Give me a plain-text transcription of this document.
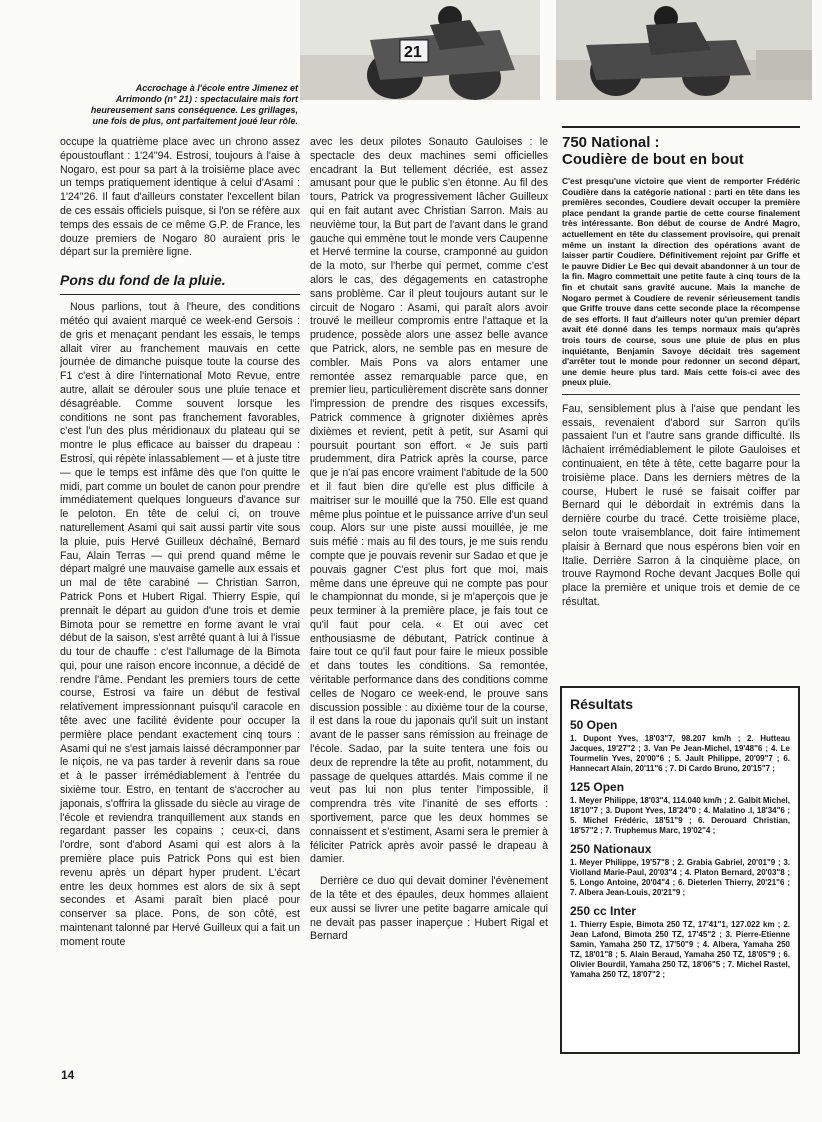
21
Accrochage à l'école entre Jimenez et Arrimondo (n° 21) : spectaculaire mais fort heureusement sans conséquence. Les grillages, une fois de plus, ont parfaitement joué leur rôle.

occupe la quatrième place avec un chrono assez époustouflant : 1'24"94. Estrosi, toujours à l'aise à Nogaro, est pour sa part à la troisième place avec un temps pratiquement identique à celui d'Asami : 1'24"26. Il faut d'ailleurs constater l'excellent bilan de ces essais officiels puisque, si l'on se réfère aux temps des essais de ce même G.P. de France, les douze premiers de Nogaro 80 auraient pris le départ sur la première ligne.

Pons du fond de la pluie.

Nous parlions, tout à l'heure, des conditions météo qui avaient marqué ce week-end Gersois : de gris et menaçant pendant les essais, le temps allait virer au franchement mauvais en cette journée de dimanche puisque toute la course des F1 c'est à dire l'international Moto Revue, entre autre, allait se dérouler sous une pluie tenace et désagréable. Comme souvent lorsque les conditions ne sont pas franchement favorables, c'est l'un des plus méridionaux du plateau qui se montre le plus efficace au baisser du drapeau : Estrosi, qui répète inlassablement — et à juste titre — que le temps est infâme dès que l'on quitte le midi, part comme un boulet de canon pour prendre immédiatement quelques longueurs d'avance sur le peloton. En tête de celui ci, on trouve naturellement Asami qui sait aussi partir vite sous la pluie, puis Hervé Guilleux déchaîné, Bernard Fau, Alain Terras — qui prend quand même le départ malgré une mauvaise gamelle aux essais et un mal de tête carabiné — Christian Sarron, Patrick Pons et Hubert Rigal. Thierry Espie, qui prennait le départ au guidon d'une trois et demie Bimota pour se remettre en forme avant le vrai début de la saison, s'est arrêté quant à lui à l'issue du tour de chauffe : c'est l'allumage de la Bimota qui, pour une raison encore inconnue, a décidé de rendre l'âme. Pendant les premiers tours de cette course, Estrosi va faire un début de festival relativement impressionnant puisqu'il caracole en tête avec une facilité évidente pour occuper la permière place pendant exactement cinq tours : Asami qui ne s'est jamais laissé décramponner par le niçois, ne va pas tarder à revenir dans sa roue et à le passer irrémédiablement à l'entrée du sixième tour. Estro, en tentant de s'accrocher au japonais, s'offrira la glissade du siècle au virage de l'école et reviendra tranquillement aux stands en regardant passer les copains ; ceux-ci, dans l'ordre, sont d'abord Asami qui est alors à la première place puis Patrick Pons qui est bien revenu après un départ hyper prudent. L'écart entre les deux hommes est alors de six à sept secondes et Asami paraît bien placé pour conserver sa place. Pons, de son côté, est maintenant talonné par Hervé Guilleux qui a fait un moment route

avec les deux pilotes Sonauto Gauloises : le spectacle des deux machines semi officielles encadrant la But tellement décriée, est assez amusant pour que le public s'en étonne. Au fil des tours, Patrick va progressivement lâcher Guilleux qui en fait autant avec Christian Sarron. Mais au neuvième tour, la But part de l'avant dans le grand gauche qui emmène tout le monde vers Caupenne et Hervé termine la course, cramponné au guidon de la moto, sur l'herbe qui permet, comme c'est alors le cas, des dégagements en catastrophe sans problème. Car il pleut toujours autant sur le circuit de Nogaro : Asami, qui paraît alors avoir trouvé le meilleur compromis entre l'attaque et la prudence, possède alors une assez belle avance que Patrick, alors, ne semble pas en mesure de combler. Mais Pons va alors entamer une remontée assez remarquable parce que, en premier lieu, particulièrement discrète sans donner l'impression de prendre des risques excessifs, Patrick commence à grignoter dixièmes après dixièmes et revient, petit à petit, sur Asami qui poursuit pourtant son effort. « Je suis parti prudemment, dira Patrick après la course, parce que je n'ai pas encore vraiment l'abitude de la 500 et il faut bien dire qu'elle est plus difficile à maitriser sur le mouillé que la 750. Elle est quand même plus pointue et le puissance arrive d'un seul coup. Alors sur une piste aussi mouillée, je me suis méfié : mais au fil des tours, je me suis rendu compte que je pouvais revenir sur Sadao et que je pouvais gagner C'est plus fort que moi, mais même dans une épreuve qui ne compte pas pour le championnat du monde, si je m'aperçois que je peux terminer à la première place, je fais tout ce qu'il faut pour cela. « Et oui avec cet enthousiasme de débutant, Patrick continue à faire tout ce qu'il faut pour faire le mieux possible et dans toutes les conditions. Sa remontée, véritable performance dans des conditions comme celles de Nogaro ce week-end, le prouve sans discussion possible : au dixième tour de la course, il est dans la roue du japonais qu'il suit un instant avant de le passer sans rémission au freinage de l'école. Sadao, par la suite tentera une fois ou deux de reprendre la tête au profit, notamment, du passage de quelques attardés. Mais comme il ne veut pas lui non plus tenter l'impossible, il comprendra très vite l'inanité de ses efforts : sportivement, parce que les deux hommes se connaissent et s'estiment, Asami sera le premier à féliciter Patrick après avoir passé le drapeau à damier.

Derrière ce duo qui devait dominer l'évènement de la tête et des épaules, deux hommes allaient eux aussi se livrer une petite bagarre amicale qui ne devait pas passer inaperçue : Hubert Rigal et Bernard

750 National :
Coudière de bout en bout
C'est presqu'une victoire que vient de remporter Frédéric Coudière dans la catégorie national : parti en tête dans les premières secondes, Coudiere devait occuper la première place pendant la grande partie de cette course finalement très intéressante. Bon début de course de André Magro, actuellement en tête du classement provisoire, qui prenait même un instant la direction des opérations avant de laisser partir Coudiere. Définitivement rejoint par Griffe et le pauvre Didier Le Bec qui devait abandonner à un tour de la fin. Magro commettait une petite faute à cinq tours de la fin et chutait sans gravité aucune. Mais la manche de Nogaro permet à Coudiere de revenir sérieusement tandis que Griffe trouve dans cette seconde place la récompense de ses efforts. Il faut d'ailleurs noter qu'un premier départ avait été donné dans les temps normaux mais qu'après trois tours de course, sous une pluie de plus en plus inquiétante, Benjamin Savoye décidait très sagement d'arrêter tout le monde pour redonner un second départ, une demie heure plus tard. Mais cette fois-ci avec des pneux pluie.

Fau, sensiblement plus à l'aise que pendant les essais, revenaient d'abord sur Sarron qu'ils passaient l'un et l'autre sans grande difficulté. Ils lâchaient irrémédiablement le pilote Gauloises et continuaient, en tête à tête, cette bagarre pour la troisième place. Dans les derniers mètres de la course, Hubert le rusé se faisait coiffer par Bernard qui le débordait in extrémis dans la dernière courbe du tracé. Cette troisième place, selon toute vraisemblance, doit faire intimement plaisir à Bernard que nous espérons bien voir en Italie. Derrière Sarron à la cinquième place, on trouve Raymond Roche devant Jacques Bolle qui place la première et unique trois et demie de ce résultat.

Résultats
50 Open
1. Dupont Yves, 18'03"7, 98.207 km/h ; 2. Hutteau Jacques, 19'27"2 ; 3. Van Pe Jean-Michel, 19'48"6 ; 4. Le Tourmelin Yves, 20'00"6 ; 5. Jault Philippe, 20'09"7 ; 6. Hannecart Alain, 20'11"6 ; 7. Di Cardo Bruno, 20'15"7 ;
125 Open
1. Meyer Philippe, 18'03"4, 114.040 km/h ; 2. Galbit Michel, 18'10"7 ; 3. Dupont Yves, 18'24"0 ; 4. Malatino .I, 18'34"6 ; 5. Michel Frédéric, 18'51"9 ; 6. Derouard Christian, 18'57"2 ; 7. Truphemus Marc, 19'02"4 ;
250 Nationaux
1. Meyer Philippe, 19'57"8 ; 2. Grabia Gabriel, 20'01"9 ; 3. Violland Marie-Paul, 20'03"4 ; 4. Platon Bernard, 20'03"8 ; 5. Longo Antoine, 20'04"4 ; 6. Dieterlen Thierry, 20'21"6 ; 7. Albera Jean-Louis, 20'21"9 ;
250 cc Inter
1. Thierry Espie, Bimota 250 TZ, 17'41"1, 127.022 km ; 2. Jean Lafond, Bimota 250 TZ, 17'45"2 ; 3. Pierre-Etienne Samin, Yamaha 250 TZ, 17'50"9 ; 4. Albera, Yamaha 250 TZ, 18'01"8 ; 5. Alain Beraud, Yamaha 250 TZ, 18'05"9 ; 6. Olivier Bourdil, Yamaha 250 TZ, 18'06"5 ; 7. Michel Rastel, Yamaha 250 TZ, 18'07"2 ;
14
